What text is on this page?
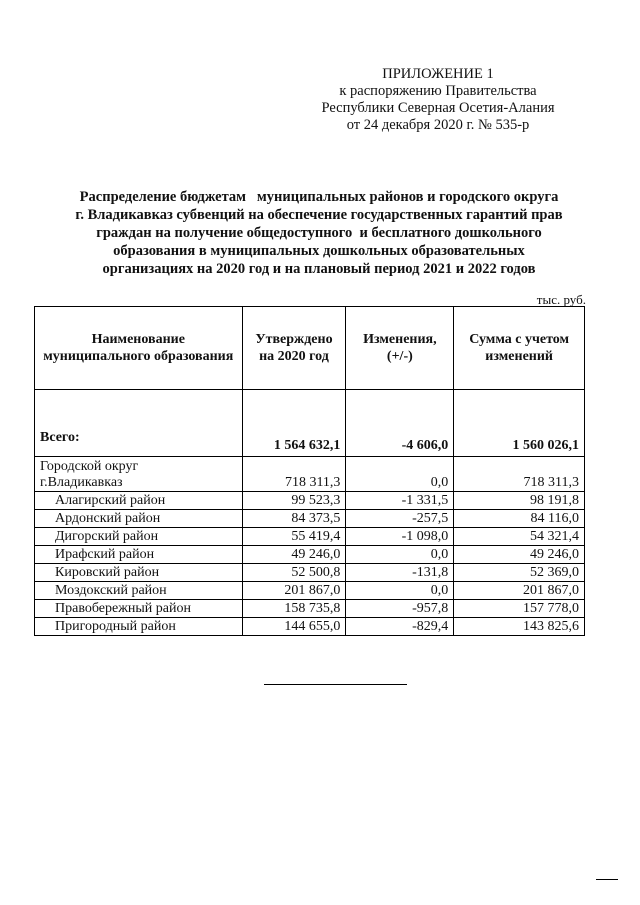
ПРИЛОЖЕНИЕ 1
к распоряжению Правительства
Республики Северная Осетия-Алания
от 24 декабря 2020 г. № 535-р
Распределение бюджетам   муниципальных районов и городского округа
г. Владикавказ субвенций на обеспечение государственных гарантий прав
граждан на получение общедоступного  и бесплатного дошкольного
образования в муниципальных дошкольных образовательных
организациях на 2020 год и на плановый период 2021 и 2022 годов
тыс. руб.
Наименование муниципального образования	Утверждено на 2020 год	Изменения, (+/-)	Сумма с учетом изменений
Всего:	1 564 632,1	-4 606,0	1 560 026,1

Городской округ
г.Владикавказ	718 311,3	0,0	718 311,3
Алагирский район	99 523,3	-1 331,5	98 191,8
Ардонский район	84 373,5	-257,5	84 116,0
Дигорский район	55 419,4	-1 098,0	54 321,4
Ирафский район	49 246,0	0,0	49 246,0
Кировский район	52 500,8	-131,8	52 369,0
Моздокский район	201 867,0	0,0	201 867,0
Правобережный район	158 735,8	-957,8	157 778,0
Пригородный район	144 655,0	-829,4	143 825,6
